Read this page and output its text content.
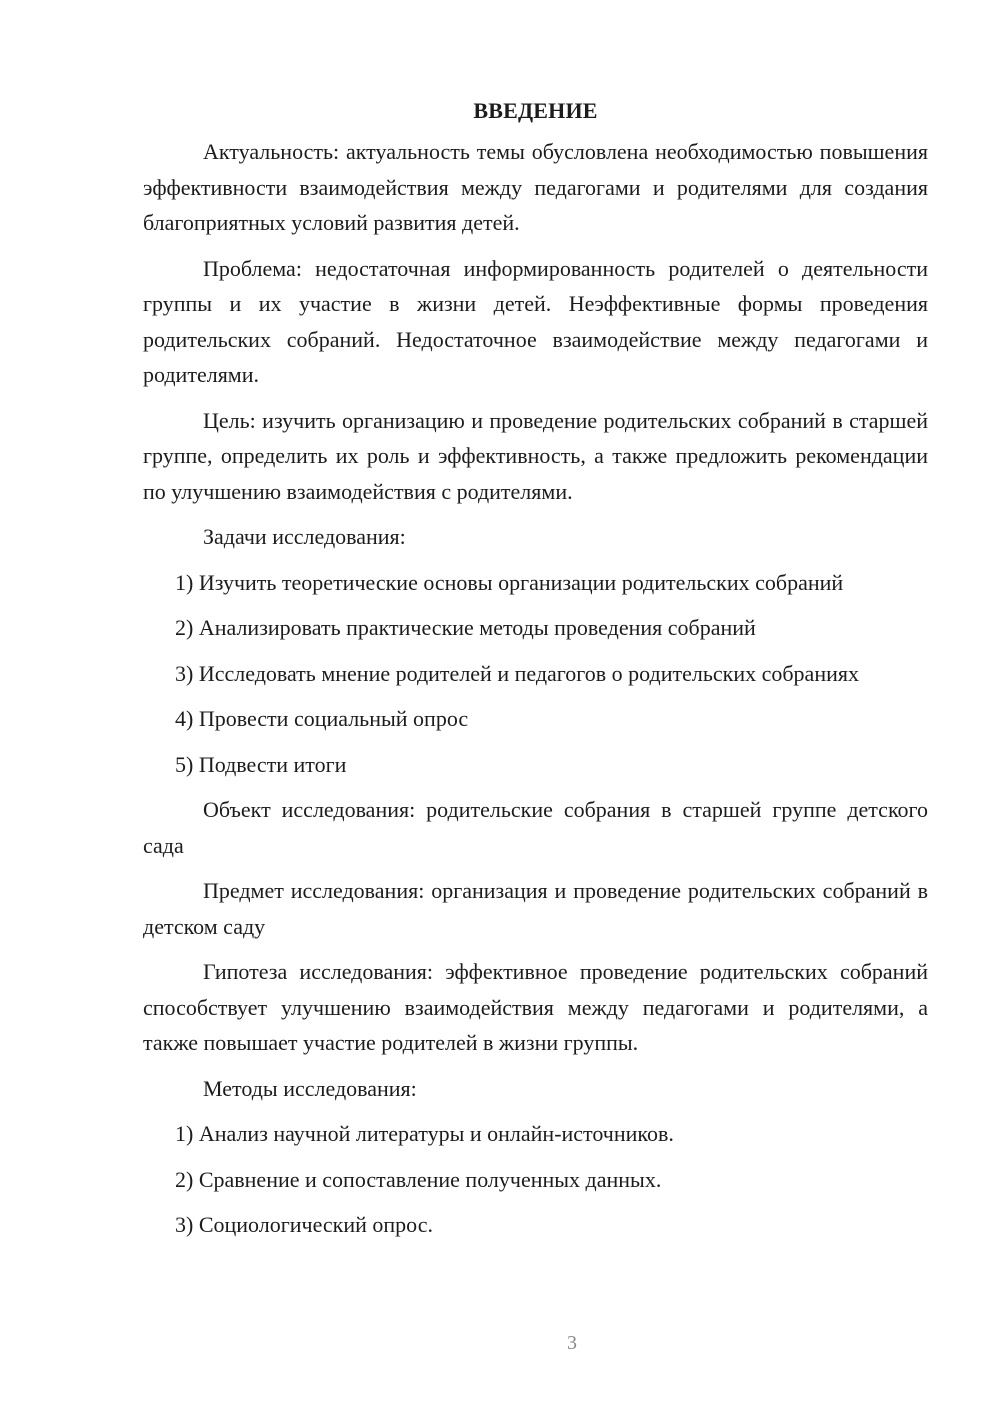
ВВЕДЕНИЕ

Актуальность: актуальность темы обусловлена необходимостью повышения эффективности взаимодействия между педагогами и родителями для создания благоприятных условий развития детей.

Проблема: недостаточная информированность родителей о деятельности группы и их участие в жизни детей. Неэффективные формы проведения родительских собраний. Недостаточное взаимодействие между педагогами и родителями.

Цель: изучить организацию и проведение родительских собраний в старшей группе, определить их роль и эффективность, а также предложить рекомендации по улучшению взаимодействия с родителями.

Задачи исследования:

1) Изучить теоретические основы организации родительских собраний

2) Анализировать практические методы проведения собраний

3) Исследовать мнение родителей и педагогов о родительских собраниях

4) Провести социальный опрос

5) Подвести итоги

Объект исследования: родительские собрания в старшей группе детского сада

Предмет исследования: организация и проведение родительских собраний в детском саду

Гипотеза исследования: эффективное проведение родительских собраний способствует улучшению взаимодействия между педагогами и родителями, а также повышает участие родителей в жизни группы.

Методы исследования:

1) Анализ научной литературы и онлайн-источников.

2) Сравнение и сопоставление полученных данных.

3) Социологический опрос.

3
